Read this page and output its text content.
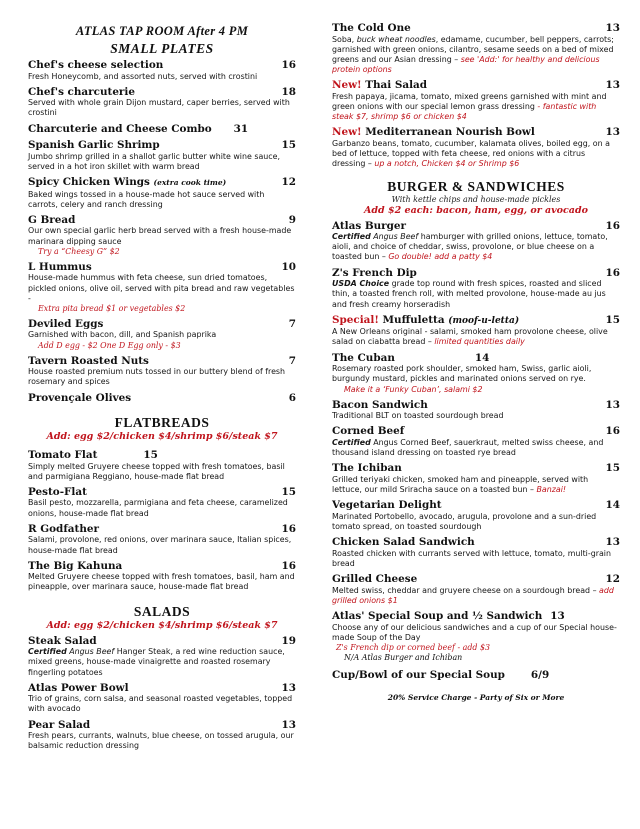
ATLAS TAP ROOM After 4 PM
SMALL PLATES
Chef's cheese selection	16
Fresh Honeycomb, and assorted nuts, served with crostini
Chef's charcuterie	18
Served with whole grain Dijon mustard, caper berries, served with crostini
Charcuterie and Cheese Combo 31
Spanish Garlic Shrimp	15
Jumbo shrimp grilled in a shallot garlic butter white wine sauce, served in a hot iron skillet with warm bread
Spicy Chicken Wings (extra cook time)	12
Baked wings tossed in a house-made hot sauce served with carrots, celery and ranch dressing
G Bread	9
Our own special garlic herb bread served with a fresh house-made marinara dipping sauce
Try a “Cheesy G” $2
L Hummus	10
House-made hummus with feta cheese, sun dried tomatoes, pickled onions, olive oil, served with pita bread and raw vegetables -
Extra pita bread $1 or vegetables $2
Deviled Eggs	7
Garnished with bacon, dill, and Spanish paprika
Add D egg - $2 One D Egg only - $3
Tavern Roasted Nuts	7
House roasted premium nuts tossed in our buttery blend of fresh rosemary and spices
Provençale Olives	6
FLATBREADS
Add: egg $2/chicken $4/shrimp $6/steak $7
Tomato Flat	15
Simply melted Gruyere cheese topped with fresh tomatoes, basil and parmigiana Reggiano, house-made flat bread
Pesto-Flat	15
Basil pesto, mozzarella, parmigiana and feta cheese, caramelized onions, house-made flat bread
R Godfather	16
Salami, provolone, red onions, over marinara sauce, Italian spices, house-made flat bread
The Big Kahuna	16
Melted Gruyere cheese topped with fresh tomatoes, basil, ham and pineapple, over marinara sauce, house-made flat bread
SALADS
Add: egg $2/chicken $4/shrimp $6/steak $7
Steak Salad	19
Certified Angus Beef Hanger Steak, a red wine reduction sauce, mixed greens, house-made vinaigrette and roasted rosemary fingerling potatoes
Atlas Power Bowl	13
Trio of grains, corn salsa, and seasonal roasted vegetables, topped with avocado
Pear Salad	13
Fresh pears, currants, walnuts, blue cheese, on tossed arugula, our balsamic reduction dressing
The Cold One	13
Soba, buck wheat noodles, edamame, cucumber, bell peppers, carrots; garnished with green onions, cilantro, sesame seeds on a bed of mixed greens and our Asian dressing – see 'Add:' for healthy and delicious protein options
New! Thai Salad	13
Fresh papaya, jicama, tomato, mixed greens garnished with mint and green onions with our special lemon grass dressing - fantastic with steak $7, shrimp $6 or chicken $4
New! Mediterranean Nourish Bowl	13
Garbanzo beans, tomato, cucumber, kalamata olives, boiled egg, on a bed of lettuce, topped with feta cheese, red onions with a citrus dressing – up a notch, Chicken $4 or Shrimp $6
BURGER & SANDWICHES
With kettle chips and house-made pickles
Add $2 each: bacon, ham, egg, or avocado
Atlas Burger	16
Certified Angus Beef hamburger with grilled onions, lettuce, tomato, aioli, and choice of cheddar, swiss, provolone, or blue cheese on a toasted bun – Go double! add a patty $4
Z's French Dip	16
USDA Choice grade top round with fresh spices, roasted and sliced thin, a toasted french roll, with melted provolone, house-made au jus and fresh creamy horseradish
Special! Muffuletta (moof-u-letta)	15
A New Orleans original - salami, smoked ham provolone cheese, olive salad on ciabatta bread – limited quantities daily
The Cuban	14
Rosemary roasted pork shoulder, smoked ham, Swiss, garlic aioli, burgundy mustard, pickles and marinated onions served on rye. Make it a ‘Funky Cuban’, salami $2
Bacon Sandwich	13
Traditional BLT on toasted sourdough bread
Corned Beef	16
Certified Angus Corned Beef, sauerkraut, melted swiss cheese, and thousand island dressing on toasted rye bread
The Ichiban	15
Grilled teriyaki chicken, smoked ham and pineapple, served with lettuce, our mild Sriracha sauce on a toasted bun – Banzai!
Vegetarian Delight	14
Marinated Portobello, avocado, arugula, provolone and a sun-dried tomato spread, on toasted sourdough
Chicken Salad Sandwich	13
Roasted chicken with currants served with lettuce, tomato, multi-grain bread
Grilled Cheese	12
Melted swiss, cheddar and gruyere cheese on a sourdough bread – add grilled onions $1
Atlas' Special Soup and ½ Sandwich 13
Choose any of our delicious sandwiches and a cup of our Special house-made Soup of the Day
Z's French dip or corned beef - add $3
N/A Atlas Burger and Ichiban
Cup/Bowl of our Special Soup	6/9
20% Service Charge - Party of Six or More
